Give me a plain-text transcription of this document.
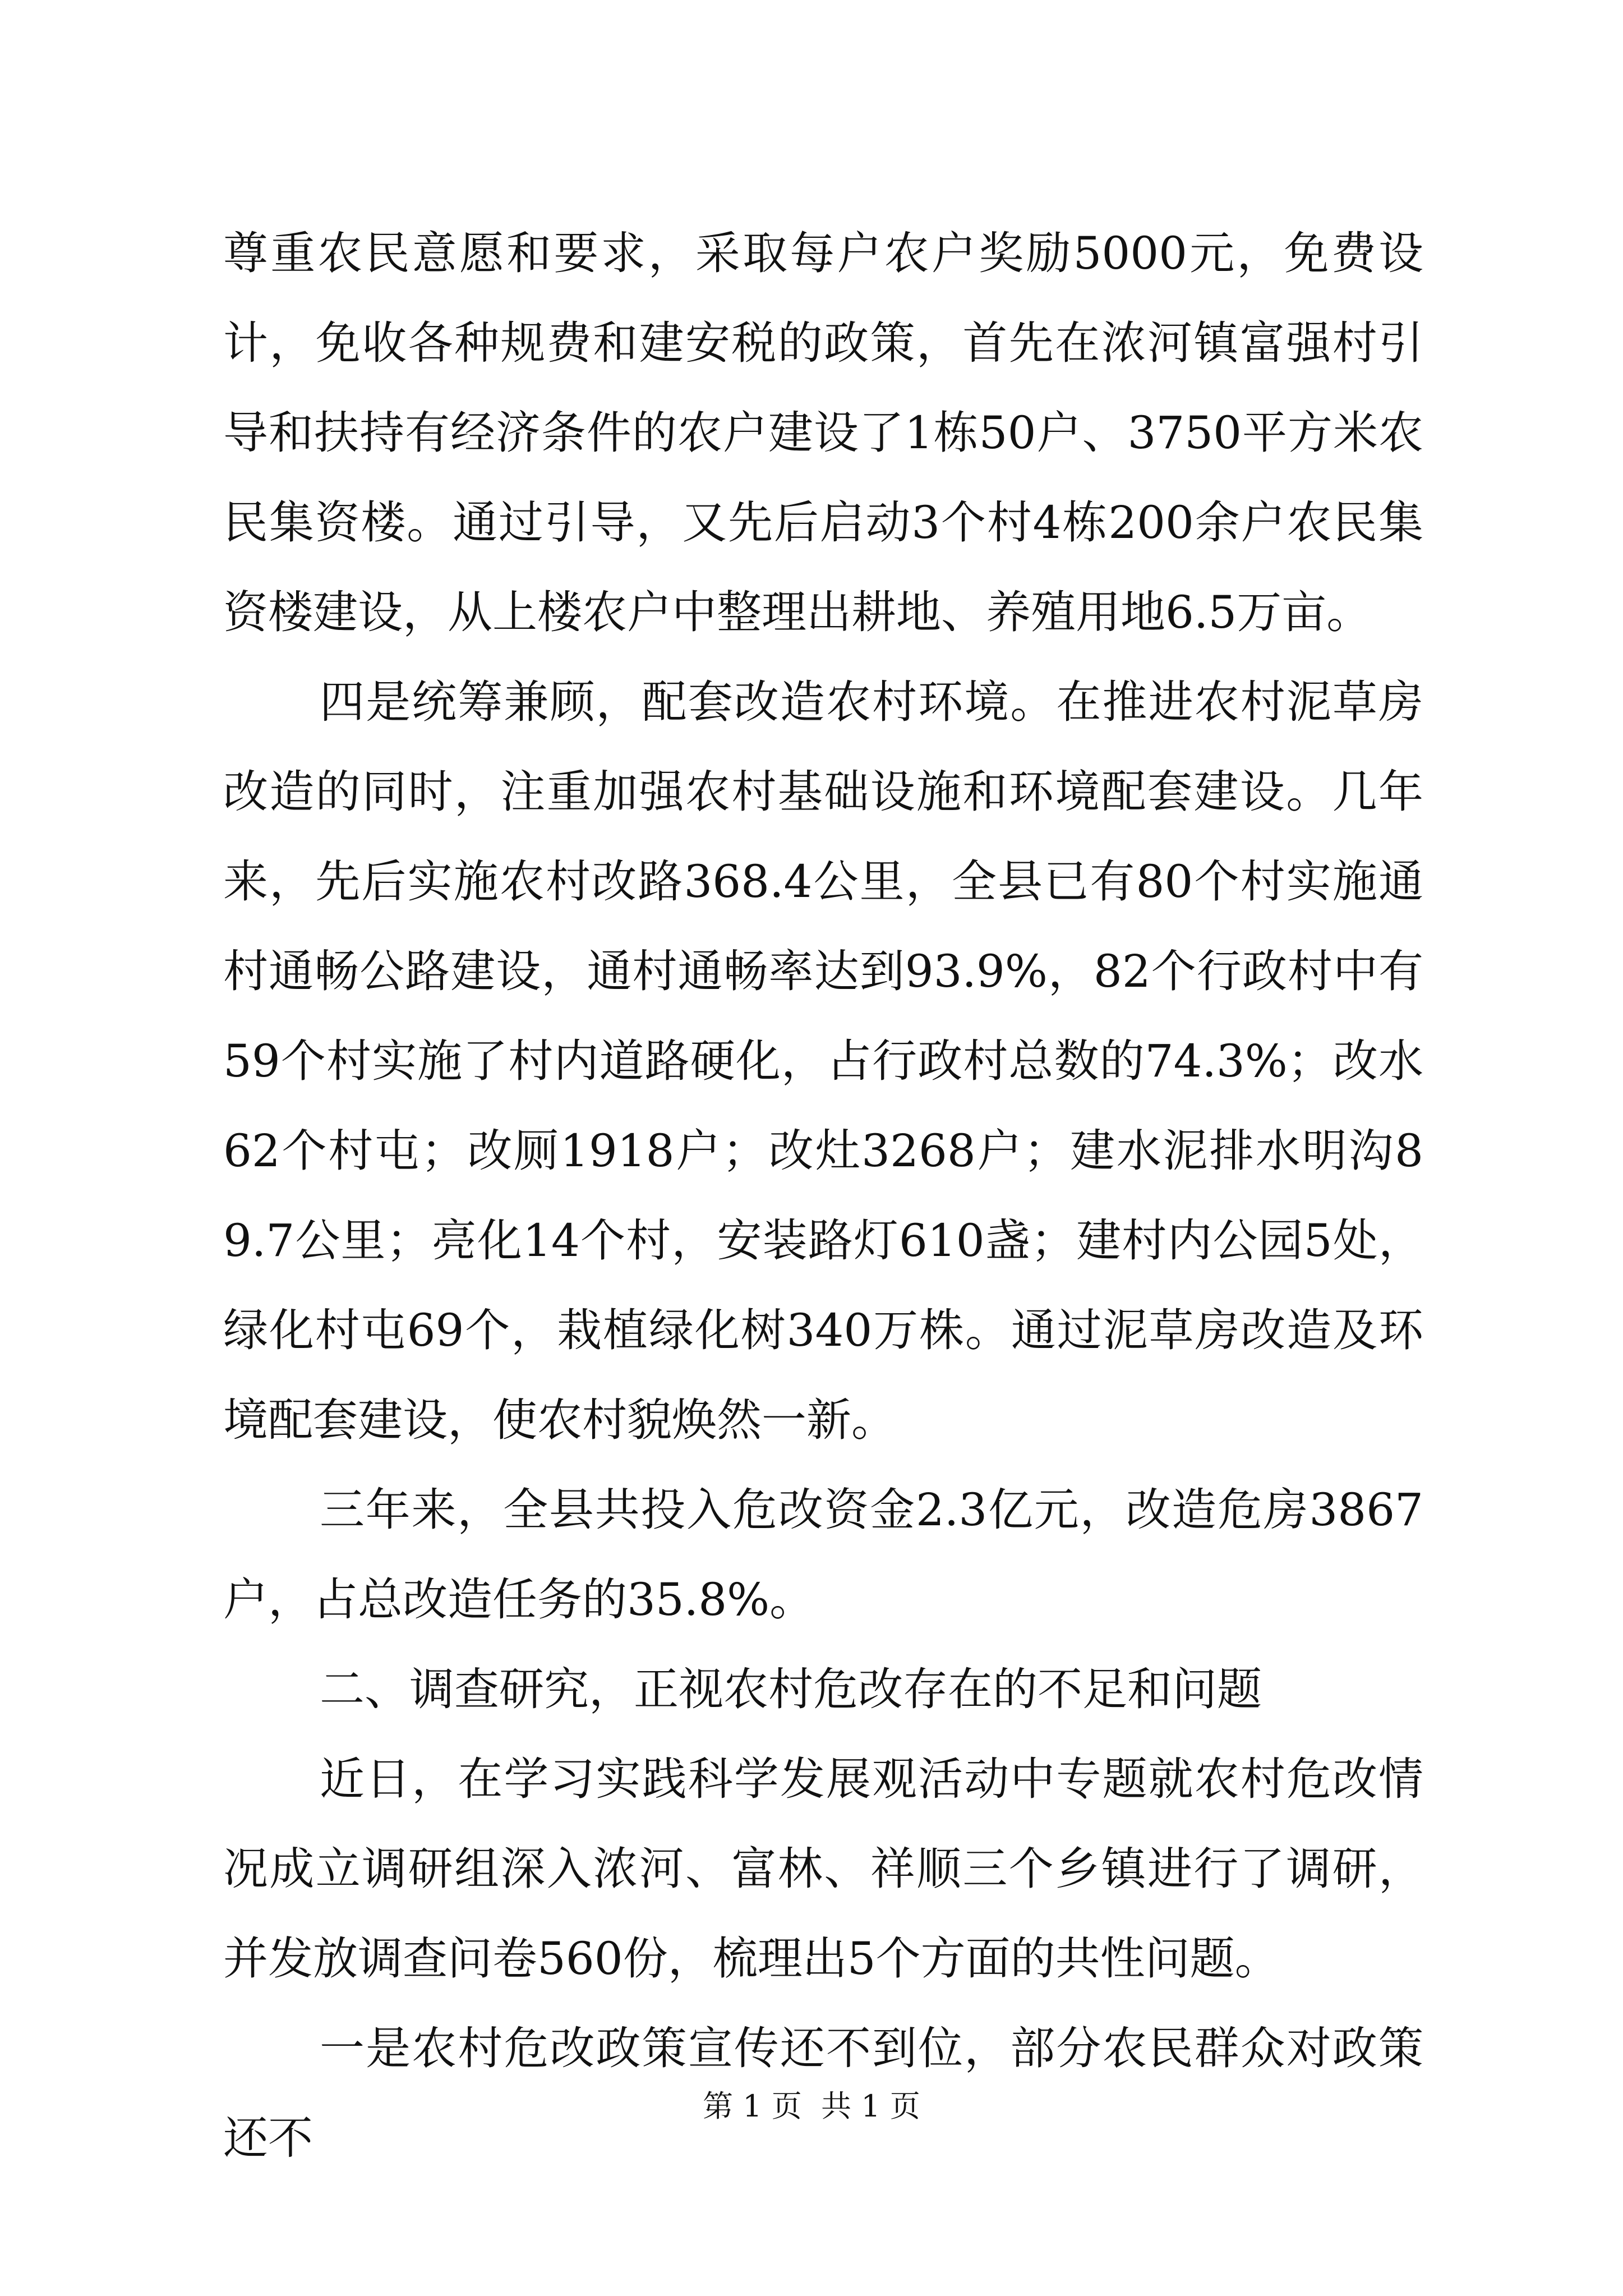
尊重农民意愿和要求，采取每户农户奖励5000元，免费设计，免收各种规费和建安税的政策，首先在浓河镇富强村引导和扶持有经济条件的农户建设了1栋50户、3750平方米农民集资楼。通过引导，又先后启动3个村4栋200余户农民集资楼建设，从上楼农户中整理出耕地、养殖用地6.5万亩。

四是统筹兼顾，配套改造农村环境。在推进农村泥草房改造的同时，注重加强农村基础设施和环境配套建设。几年来，先后实施农村改路368.4公里，全县已有80个村实施通村通畅公路建设，通村通畅率达到93.9%，82个行政村中有59个村实施了村内道路硬化，占行政村总数的74.3%；改水62个村屯；改厕1918户；改灶3268户；建水泥排水明沟89.7公里；亮化14个村，安装路灯610盏；建村内公园5处，绿化村屯69个，栽植绿化树340万株。通过泥草房改造及环境配套建设，使农村貌焕然一新。

三年来，全县共投入危改资金2.3亿元，改造危房3867户，占总改造任务的35.8%。

二、调查研究，正视农村危改存在的不足和问题

近日，在学习实践科学发展观活动中专题就农村危改情况成立调研组深入浓河、富林、祥顺三个乡镇进行了调研，并发放调查问卷560份，梳理出5个方面的共性问题。

一是农村危改政策宣传还不到位，部分农民群众对政策还不

第 1 页  共 1 页
